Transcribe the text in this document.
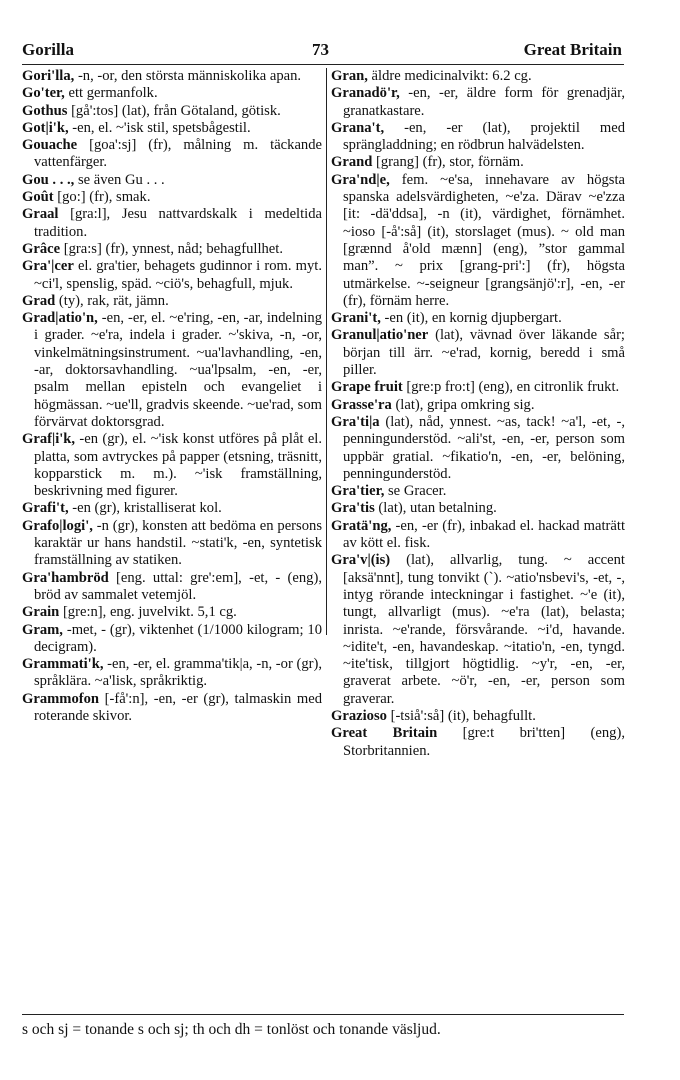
Gorilla	73	Great Britain

Gori'lla, -n, -or, den största människolika apan.

Go'ter, ett germanfolk.

Gothus [gå':tos] (lat), från Götaland, götisk.

Got|i'k, -en, el. ~'isk stil, spetsbågestil.

Gouache [goa':sj] (fr), målning m. täckande vattenfärger.

Gou . . ., se även Gu . . .

Goût [go:] (fr), smak.

Graal [gra:l], Jesu nattvardskalk i medeltida tradition.

Grâce [gra:s] (fr), ynnest, nåd; behagfullhet.

Gra'|cer el. gra'tier, behagets gudinnor i rom. myt. ~ci'l, spenslig, späd. ~ciö's, behagfull, mjuk.

Grad (ty), rak, rät, jämn.

Grad|atio'n, -en, -er, el. ~e'ring, -en, -ar, indelning i grader. ~e'ra, indela i grader. ~'skiva, -n, -or, vinkelmätningsinstrument. ~ua'lavhandling, -en, -ar, doktorsavhandling. ~ua'lpsalm, -en, -er, psalm mellan episteln och evangeliet i högmässan. ~ue'll, gradvis skeende. ~ue'rad, som förvärvat doktorsgrad.

Graf|i'k, -en (gr), el. ~'isk konst utföres på plåt el. platta, som avtryckes på papper (etsning, träsnitt, kopparstick m. m.). ~'isk framställning, beskrivning med figurer.

Grafi't, -en (gr), kristalliserat kol.

Grafo|logi', -n (gr), konsten att bedöma en persons karaktär ur hans handstil. ~stati'k, -en, syntetisk framställning av statiken.

Gra'hambröd [eng. uttal: gre':em], -et, - (eng), bröd av sammalet vetemjöl.

Grain [gre:n], eng. juvelvikt. 5,1 cg.

Gram, -met, - (gr), viktenhet (1/1000 kilogram; 10 decigram).

Grammati'k, -en, -er, el. gramma'tik|a, -n, -or (gr), språklära. ~a'lisk, språkriktig.

Grammofon [-få':n], -en, -er (gr), talmaskin med roterande skivor.

Gran, äldre medicinalvikt: 6.2 cg.

Granadö'r, -en, -er, äldre form för grenadjär, granatkastare.

Grana't, -en, -er (lat), projektil med sprängladdning; en rödbrun halvädelsten.

Grand [grang] (fr), stor, förnäm.

Gra'nd|e, fem. ~e'sa, innehavare av högsta spanska adelsvärdigheten, ~e'za. Därav ~e'zza [it: -dä'ddsa], -n (it), värdighet, förnämhet. ~ioso [-å':så] (it), storslaget (mus). ~ old man [grænnd å'old mænn] (eng), ”stor gammal man”. ~ prix [grang-pri':] (fr), högsta utmärkelse. ~-seigneur [grangsänjö':r], -en, -er (fr), förnäm herre.

Grani't, -en (it), en kornig djupbergart.

Granul|atio'ner (lat), vävnad över läkande sår; början till ärr. ~e'rad, kornig, beredd i små piller.

Grape fruit [gre:p fro:t] (eng), en citronlik frukt.

Grasse'ra (lat), gripa omkring sig.

Gra'ti|a (lat), nåd, ynnest. ~as, tack! ~a'l, -et, -, penningunderstöd. ~ali'st, -en, -er, person som uppbär gratial. ~fikatio'n, -en, -er, belöning, penningunderstöd.

Gra'tier, se Gracer.

Gra'tis (lat), utan betalning.

Gratä'ng, -en, -er (fr), inbakad el. hackad maträtt av kött el. fisk.

Gra'v|(is) (lat), allvarlig, tung. ~ accent [aksä'nnt], tung tonvikt (`). ~atio'nsbevi's, -et, -, intyg rörande inteckningar i fastighet. ~'e (it), tungt, allvarligt (mus). ~e'ra (lat), belasta; inrista. ~e'rande, försvårande. ~i'd, havande. ~idite't, -en, havandeskap. ~itatio'n, -en, tyngd. ~ite'tisk, tillgjort högtidlig. ~y'r, -en, -er, graverat arbete. ~ö'r, -en, -er, person som graverar.

Grazioso [-tsiå':så] (it), behagfullt.

Great Britain [gre:t bri'tten] (eng), Storbritannien.

s och sj = tonande s och sj; th och dh = tonlöst och tonande väsljud.
